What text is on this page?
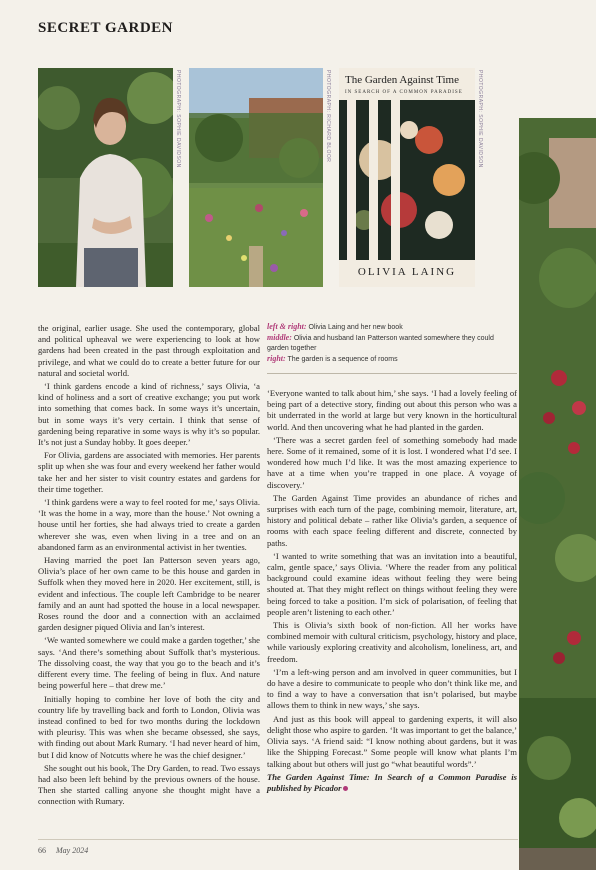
SECRET GARDEN
PHOTOGRAPH: SOPHIE DAVIDSON	PHOTOGRAPH: RICHARD BLOOR The Garden Against Time
IN SEARCH OF A COMMON PARADISE
OLIVIA LAING
PHOTOGRAPH: SOPHIE DAVIDSON

the original, earlier usage. She used the contemporary, global and political upheaval we were experiencing to look at how gardens had been created in the past through exploitation and privilege, and what we could do to create a better future for our natural and societal world.

‘I think gardens encode a kind of richness,’ says Olivia, ‘a kind of holiness and a sort of creative exchange; you put work into something that comes back. In some ways it’s uncertain, but in some ways it’s very certain. I think that sense of gardening being reparative in some ways is why it’s so popular. It’s not just a Sunday hobby. It goes deeper.’

For Olivia, gardens are associated with memories. Her parents split up when she was four and every weekend her father would take her and her sister to visit country estates and gardens for their time together.

‘I think gardens were a way to feel rooted for me,’ says Olivia. ‘It was the home in a way, more than the house.’ Not owning a house until her forties, she had always tried to create a garden wherever she was, even when living in a tree and on an abandoned farm as an environmental activist in her twenties.

Having married the poet Ian Patterson seven years ago, Olivia’s place of her own came to be this house and garden in Suffolk when they moved here in 2020. Her excitement, still, is evident and infectious. The couple left Cambridge to be nearer family and an aunt had spotted the house in a local newspaper. Roses round the door and a connection with an acclaimed garden designer piqued Olivia and Ian’s interest.

‘We wanted somewhere we could make a garden together,’ she says. ‘And there’s something about Suffolk that’s mysterious. The dissolving coast, the way that you go to the beach and it’s different every time. The feeling of being in flux. And nature being powerful here – that drew me.’

Initially hoping to combine her love of both the city and country life by travelling back and forth to London, Olivia was instead confined to bed for two months during the lockdown with pleurisy. This was when she became obsessed, she says, with finding out about Mark Rumary. ‘I had never heard of him, but I did know of Notcutts where he was the chief designer.’

She sought out his book, The Dry Garden, to read. Two essays had also been left behind by the previous owners of the house. Then she started calling anyone she thought might have a connection with Rumary.

left & right: Olivia Laing and her new book
middle: Olivia and husband Ian Patterson wanted somewhere they could garden together
right: The garden is a sequence of rooms

‘Everyone wanted to talk about him,’ she says. ‘I had a lovely feeling of being part of a detective story, finding out about this person who was a bit underrated in the world at large but very known in the horticultural world. And then uncovering what he had planted in the garden.

‘There was a secret garden feel of something somebody had made here. Some of it remained, some of it is lost. I wondered what I’d see. I wondered how much I’d like. It was the most amazing experience to have at a time when you’re trapped in one place. A voyage of discovery.’

The Garden Against Time provides an abundance of riches and surprises with each turn of the page, combining memoir, literature, art, history and political debate – rather like Olivia’s garden, a sequence of rooms with each space feeling different and discrete, connected by paths.

‘I wanted to write something that was an invitation into a beautiful, calm, gentle space,’ says Olivia. ‘Where the reader from any political background could examine ideas without feeling they were being shouted at. That they might reflect on things without feeling they were being forced to take a position. I’m sick of polarisation, of feeling that people aren’t listening to each other.’

This is Olivia’s sixth book of non-fiction. All her works have combined memoir with cultural criticism, psychology, history and place, while variously exploring creativity and alcoholism, loneliness, art, and freedom.

‘I’m a left-wing person and am involved in queer communities, but I do have a desire to communicate to people who don’t think like me, and to find a way to have a conversation that isn’t polarised, but maybe allows them to think in new ways,’ she says.

And just as this book will appeal to gardening experts, it will also delight those who aspire to garden. ‘It was important to get the balance,’ Olivia says. ‘A friend said: “I know nothing about gardens, but it was like the Shipping Forecast.” Some people will know what plants I’m talking about but others will just go “what beautiful words”.’

The Garden Against Time: In Search of a Common Paradise is published by Picador

66 May 2024
